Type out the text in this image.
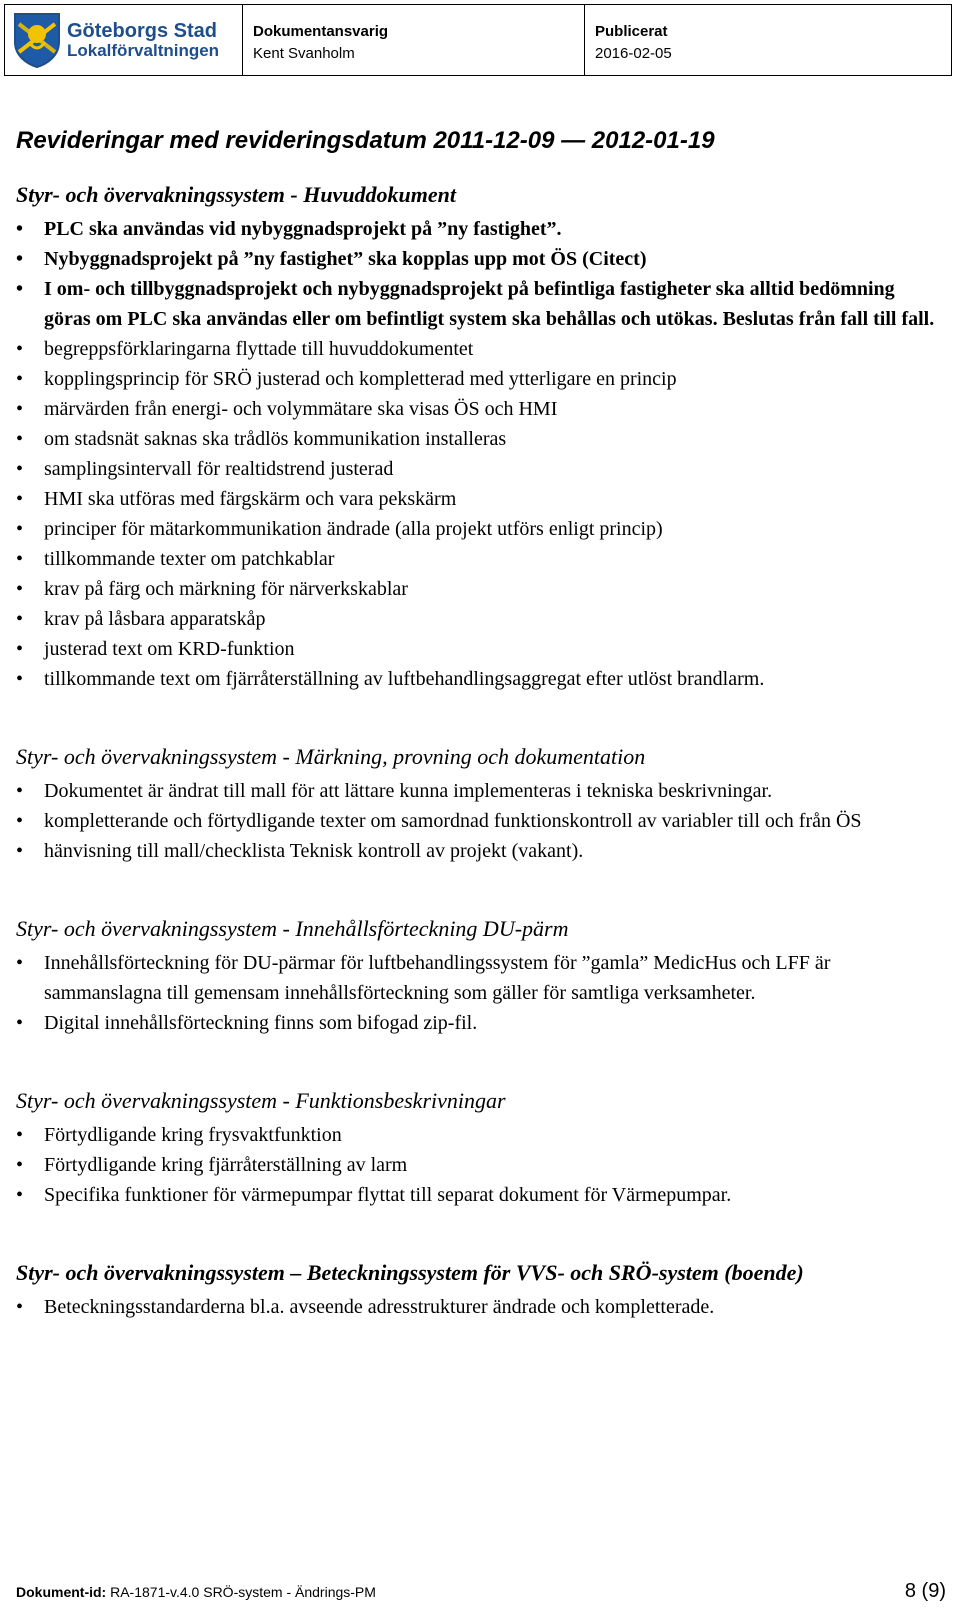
Göteborgs Stad
Lokalförvaltningen
Dokumentansvarig
Kent Svanholm
Publicerat
2016-02-05
Revideringar med revideringsdatum 2011-12-09 — 2012-01-19
Styr- och övervakningssystem - Huvuddokument
• PLC ska användas vid nybyggnadsprojekt på ”ny fastighet”.
• Nybyggnadsprojekt på ”ny fastighet” ska kopplas upp mot ÖS (Citect)
• I om- och tillbyggnadsprojekt och nybyggnadsprojekt på befintliga fastigheter ska alltid bedömning göras om PLC ska användas eller om befintligt system ska behållas och utökas. Beslutas från fall till fall.
• begreppsförklaringarna flyttade till huvuddokumentet
• kopplingsprincip för SRÖ justerad och kompletterad med ytterligare en princip
• märvärden från energi- och volymmätare ska visas ÖS och HMI
• om stadsnät saknas ska trådlös kommunikation installeras
• samplingsintervall för realtidstrend justerad
• HMI ska utföras med färgskärm och vara pekskärm
• principer för mätarkommunikation ändrade (alla projekt utförs enligt princip)
• tillkommande texter om patchkablar
• krav på färg och märkning för närverkskablar
• krav på låsbara apparatskåp
• justerad text om KRD-funktion
• tillkommande text om fjärråterställning av luftbehandlingsaggregat efter utlöst brandlarm.
Styr- och övervakningssystem - Märkning, provning och dokumentation
• Dokumentet är ändrat till mall för att lättare kunna implementeras i tekniska beskrivningar.
• kompletterande och förtydligande texter om samordnad funktionskontroll av variabler till och från ÖS
• hänvisning till mall/checklista Teknisk kontroll av projekt (vakant).
Styr- och övervakningssystem - Innehållsförteckning DU-pärm
• Innehållsförteckning för DU-pärmar för luftbehandlingssystem för ”gamla” MedicHus och LFF är sammanslagna till gemensam innehållsförteckning som gäller för samtliga verksamheter.
• Digital innehållsförteckning finns som bifogad zip-fil.
Styr- och övervakningssystem - Funktionsbeskrivningar
• Förtydligande kring frysvaktfunktion
• Förtydligande kring fjärråterställning av larm
• Specifika funktioner för värmepumpar flyttat till separat dokument för Värmepumpar.
Styr- och övervakningssystem – Beteckningssystem för VVS- och SRÖ-system (boende)
• Beteckningsstandarderna bl.a. avseende adresstrukturer ändrade och kompletterade.
Dokument-id: RA-1871-v.4.0 SRÖ-system - Ändrings-PM	8 (9)
